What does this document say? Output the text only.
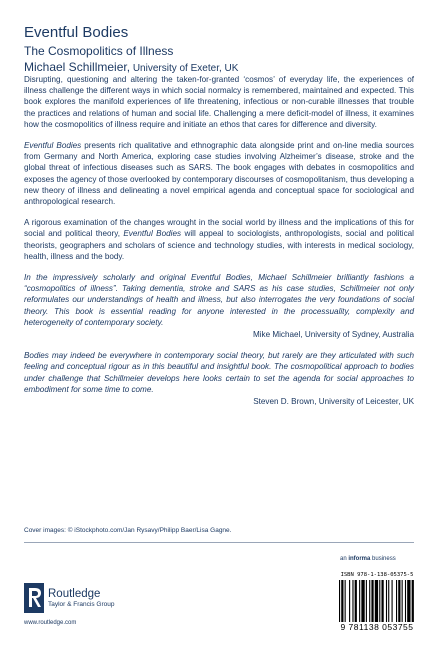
Eventful Bodies
The Cosmopolitics of Illness
Michael Schillmeier, University of Exeter, UK

Disrupting, questioning and altering the taken-for-granted ‘cosmos’ of everyday life, the experiences of illness challenge the different ways in which social normalcy is remembered, maintained and expected. This book explores the manifold experiences of life threatening, infectious or non-curable illnesses that trouble the practices and relations of human and social life. Challenging a mere deficit-model of illness, it examines how the cosmopolitics of illness require and initiate an ethos that cares for difference and diversity.

Eventful Bodies presents rich qualitative and ethnographic data alongside print and on-line media sources from Germany and North America, exploring case studies involving Alzheimer’s disease, stroke and the global threat of infectious diseases such as SARS. The book engages with debates in cosmopolitics and exposes the agency of those overlooked by contemporary discourses of cosmopolitanism, thus developing a new theory of illness and delineating a novel empirical agenda and conceptual space for sociological and anthropological research.

A rigorous examination of the changes wrought in the social world by illness and the implications of this for social and political theory, Eventful Bodies will appeal to sociologists, anthropologists, social and political theorists, geographers and scholars of science and technology studies, with interests in medical sociology, health, illness and the body.

In the impressively scholarly and original Eventful Bodies, Michael Schillmeier brilliantly fashions a “cosmopolitics of illness”. Taking dementia, stroke and SARS as his case studies, Schillmeier not only reformulates our understandings of health and illness, but also interrogates the very foundations of social theory. This book is essential reading for anyone interested in the processuality, complexity and heterogeneity of contemporary society.

Mike Michael, University of Sydney, Australia

Bodies may indeed be everywhere in contemporary social theory, but rarely are they articulated with such feeling and conceptual rigour as in this beautiful and insightful book. The cosmopolitical approach to bodies under challenge that Schillmeier develops here looks certain to set the agenda for social approaches to embodiment for some time to come.

Steven D. Brown, University of Leicester, UK
Cover images: © iStockphoto.com/Jan Rysavy/Philipp Baer/Lisa Gagne.
an informa business
Routledge
Taylor & Francis Group
www.routledge.com
ISBN 978-1-138-05375-5
9 781138 053755
